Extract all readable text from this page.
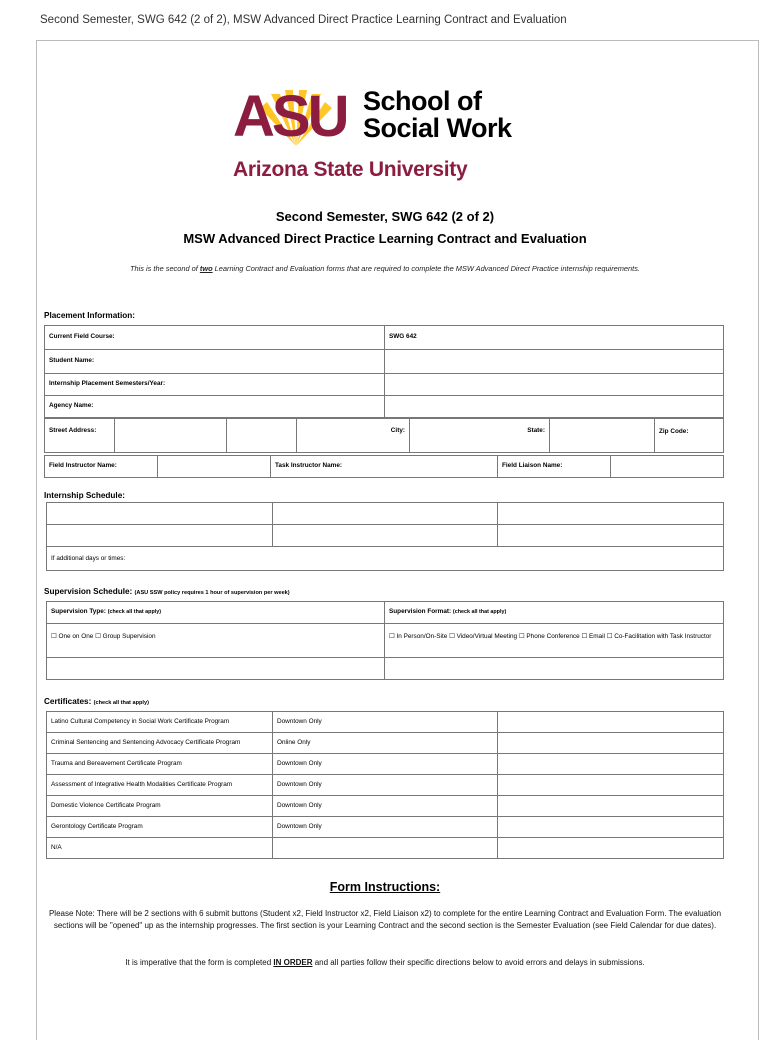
Second Semester, SWG 642 (2 of 2), MSW Advanced Direct Practice Learning Contract and Evaluation
ASU School of
Social Work
Arizona State University
Second Semester, SWG 642 (2 of 2)
MSW Advanced Direct Practice Learning Contract and Evaluation
This is the second of two Learning Contract and Evaluation forms that are required to complete the MSW Advanced Direct Practice internship requirements.
Placement Information:
Current Field Course:	SWG 642
Student Name:	
Internship Placement Semesters/Year:	
Agency Name:	
Street Address:			City:	State:		Zip Code:
Field Instructor Name:		Task Instructor Name:	Field Liaison Name:	
Internship Schedule:

If additional days or times:		
Supervision Schedule: (ASU SSW policy requires 1 hour of supervision per week)
Supervision Type: (check all that apply)	Supervision Format: (check all that apply)
☐ One on One ☐ Group Supervision	☐ In Person/On-Site ☐ Video/Virtual Meeting ☐ Phone Conference ☐ Email ☐ Co-Facilitation with Task Instructor

Certificates: (check all that apply)
Latino Cultural Competency in Social Work Certificate Program	Downtown Only	
Criminal Sentencing and Sentencing Advocacy Certificate Program	Online Only	
Trauma and Bereavement Certificate Program	Downtown Only	
Assessment of Integrative Health Modalities Certificate Program	Downtown Only	
Domestic Violence Certificate Program	Downtown Only	
Gerontology Certificate Program	Downtown Only	
N/A		
Form Instructions:
Please Note: There will be 2 sections with 6 submit buttons (Student x2, Field Instructor x2, Field Liaison x2) to complete for the entire Learning Contract and Evaluation Form. The evaluation sections will be "opened" up as the internship progresses. The first section is your Learning Contract and the second section is the Semester Evaluation (see Field Calendar for due dates).
It is imperative that the form is completed IN ORDER and all parties follow their specific directions below to avoid errors and delays in submissions.
